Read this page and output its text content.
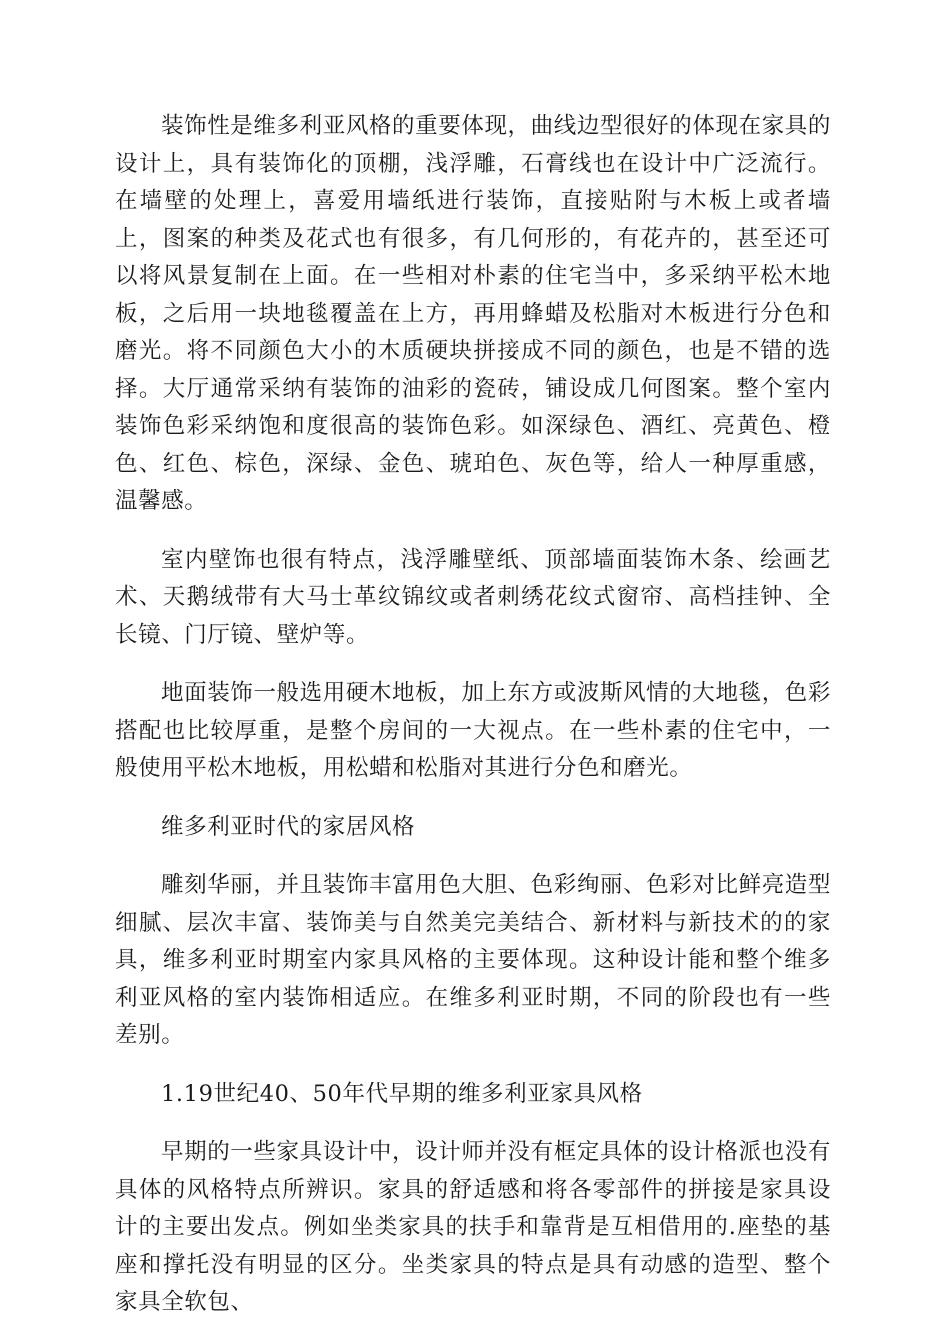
装饰性是维多利亚风格的重要体现，曲线边型很好的体现在家具的设计上，具有装饰化的顶棚，浅浮雕，石膏线也在设计中广泛流行。在墙壁的处理上，喜爱用墙纸进行装饰，直接贴附与木板上或者墙上，图案的种类及花式也有很多，有几何形的，有花卉的，甚至还可以将风景复制在上面。在一些相对朴素的住宅当中，多采纳平松木地板，之后用一块地毯覆盖在上方，再用蜂蜡及松脂对木板进行分色和磨光。将不同颜色大小的木质硬块拼接成不同的颜色，也是不错的选择。大厅通常采纳有装饰的油彩的瓷砖，铺设成几何图案。整个室内装饰色彩采纳饱和度很高的装饰色彩。如深绿色、酒红、亮黄色、橙色、红色、棕色，深绿、金色、琥珀色、灰色等，给人一种厚重感，温馨感。

室内壁饰也很有特点，浅浮雕壁纸、顶部墙面装饰木条、绘画艺术、天鹅绒带有大马士革纹锦纹或者刺绣花纹式窗帘、高档挂钟、全长镜、门厅镜、壁炉等。

地面装饰一般选用硬木地板，加上东方或波斯风情的大地毯，色彩搭配也比较厚重，是整个房间的一大视点。在一些朴素的住宅中，一般使用平松木地板，用松蜡和松脂对其进行分色和磨光。

维多利亚时代的家居风格

雕刻华丽，并且装饰丰富用色大胆、色彩绚丽、色彩对比鲜亮造型细腻、层次丰富、装饰美与自然美完美结合、新材料与新技术的的家具，维多利亚时期室内家具风格的主要体现。这种设计能和整个维多利亚风格的室内装饰相适应。在维多利亚时期，不同的阶段也有一些差别。

1.19世纪40、50年代早期的维多利亚家具风格

早期的一些家具设计中，设计师并没有框定具体的设计格派也没有具体的风格特点所辨识。家具的舒适感和将各零部件的拼接是家具设计的主要出发点。例如坐类家具的扶手和靠背是互相借用的.座垫的基座和撑托没有明显的区分。坐类家具的特点是具有动感的造型、整个家具全软包、
